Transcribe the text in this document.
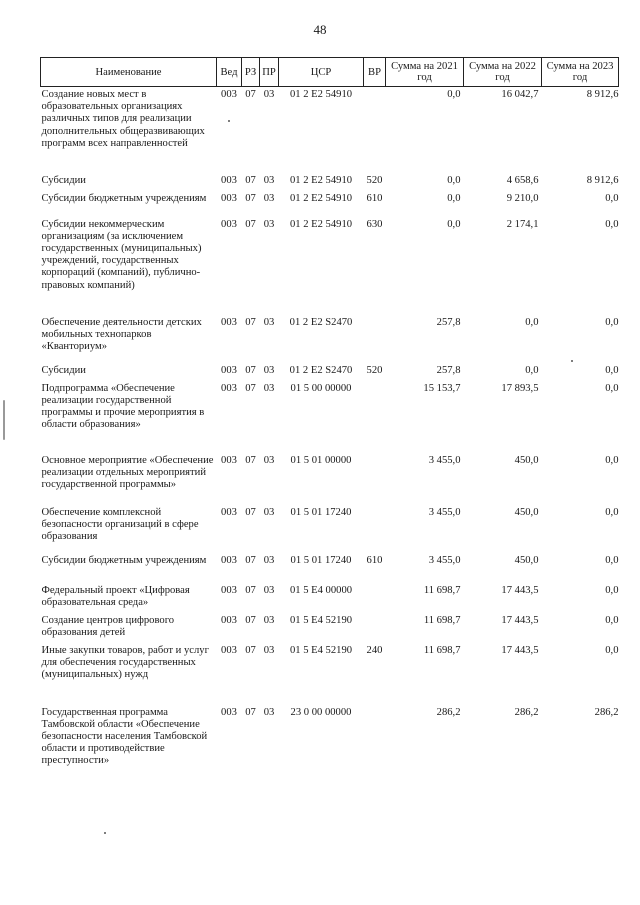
48
Наименование	Вед	РЗ	ПР	ЦСР	ВР	Сумма на 2021 год	Сумма на 2022 год	Сумма на 2023 год
Создание новых мест в образовательных организациях различных типов для реализации дополнительных общеразвивающих программ всех направленностей	003	07	03	01 2 E2 54910		0,0	16 042,7	8 912,6
Субсидии	003	07	03	01 2 E2 54910	520	0,0	4 658,6	8 912,6
Субсидии бюджетным учреждениям	003	07	03	01 2 E2 54910	610	0,0	9 210,0	0,0
Субсидии некоммерческим организациям (за исключением государственных (муниципальных) учреждений, государственных корпораций (компаний), публично-правовых компаний)	003	07	03	01 2 E2 54910	630	0,0	2 174,1	0,0
Обеспечение деятельности детских мобильных технопарков «Кванториум»	003	07	03	01 2 E2 S2470		257,8	0,0	0,0
Субсидии	003	07	03	01 2 E2 S2470	520	257,8	0,0	0,0
Подпрограмма «Обеспечение реализации государственной программы и прочие мероприятия в области образования»	003	07	03	01 5 00 00000		15 153,7	17 893,5	0,0
Основное мероприятие «Обеспечение реализации отдельных мероприятий государственной программы»	003	07	03	01 5 01 00000		3 455,0	450,0	0,0
Обеспечение комплексной безопасности организаций в сфере образования	003	07	03	01 5 01 17240		3 455,0	450,0	0,0
Субсидии бюджетным учреждениям	003	07	03	01 5 01 17240	610	3 455,0	450,0	0,0
Федеральный проект «Цифровая образовательная среда»	003	07	03	01 5 E4 00000		11 698,7	17 443,5	0,0
Создание центров цифрового образования детей	003	07	03	01 5 E4 52190		11 698,7	17 443,5	0,0
Иные закупки товаров, работ и услуг для обеспечения государственных (муниципальных) нужд	003	07	03	01 5 E4 52190	240	11 698,7	17 443,5	0,0
Государственная программа Тамбовской области «Обеспечение безопасности населения Тамбовской области и противодействие преступности»	003	07	03	23 0 00 00000		286,2	286,2	286,2
